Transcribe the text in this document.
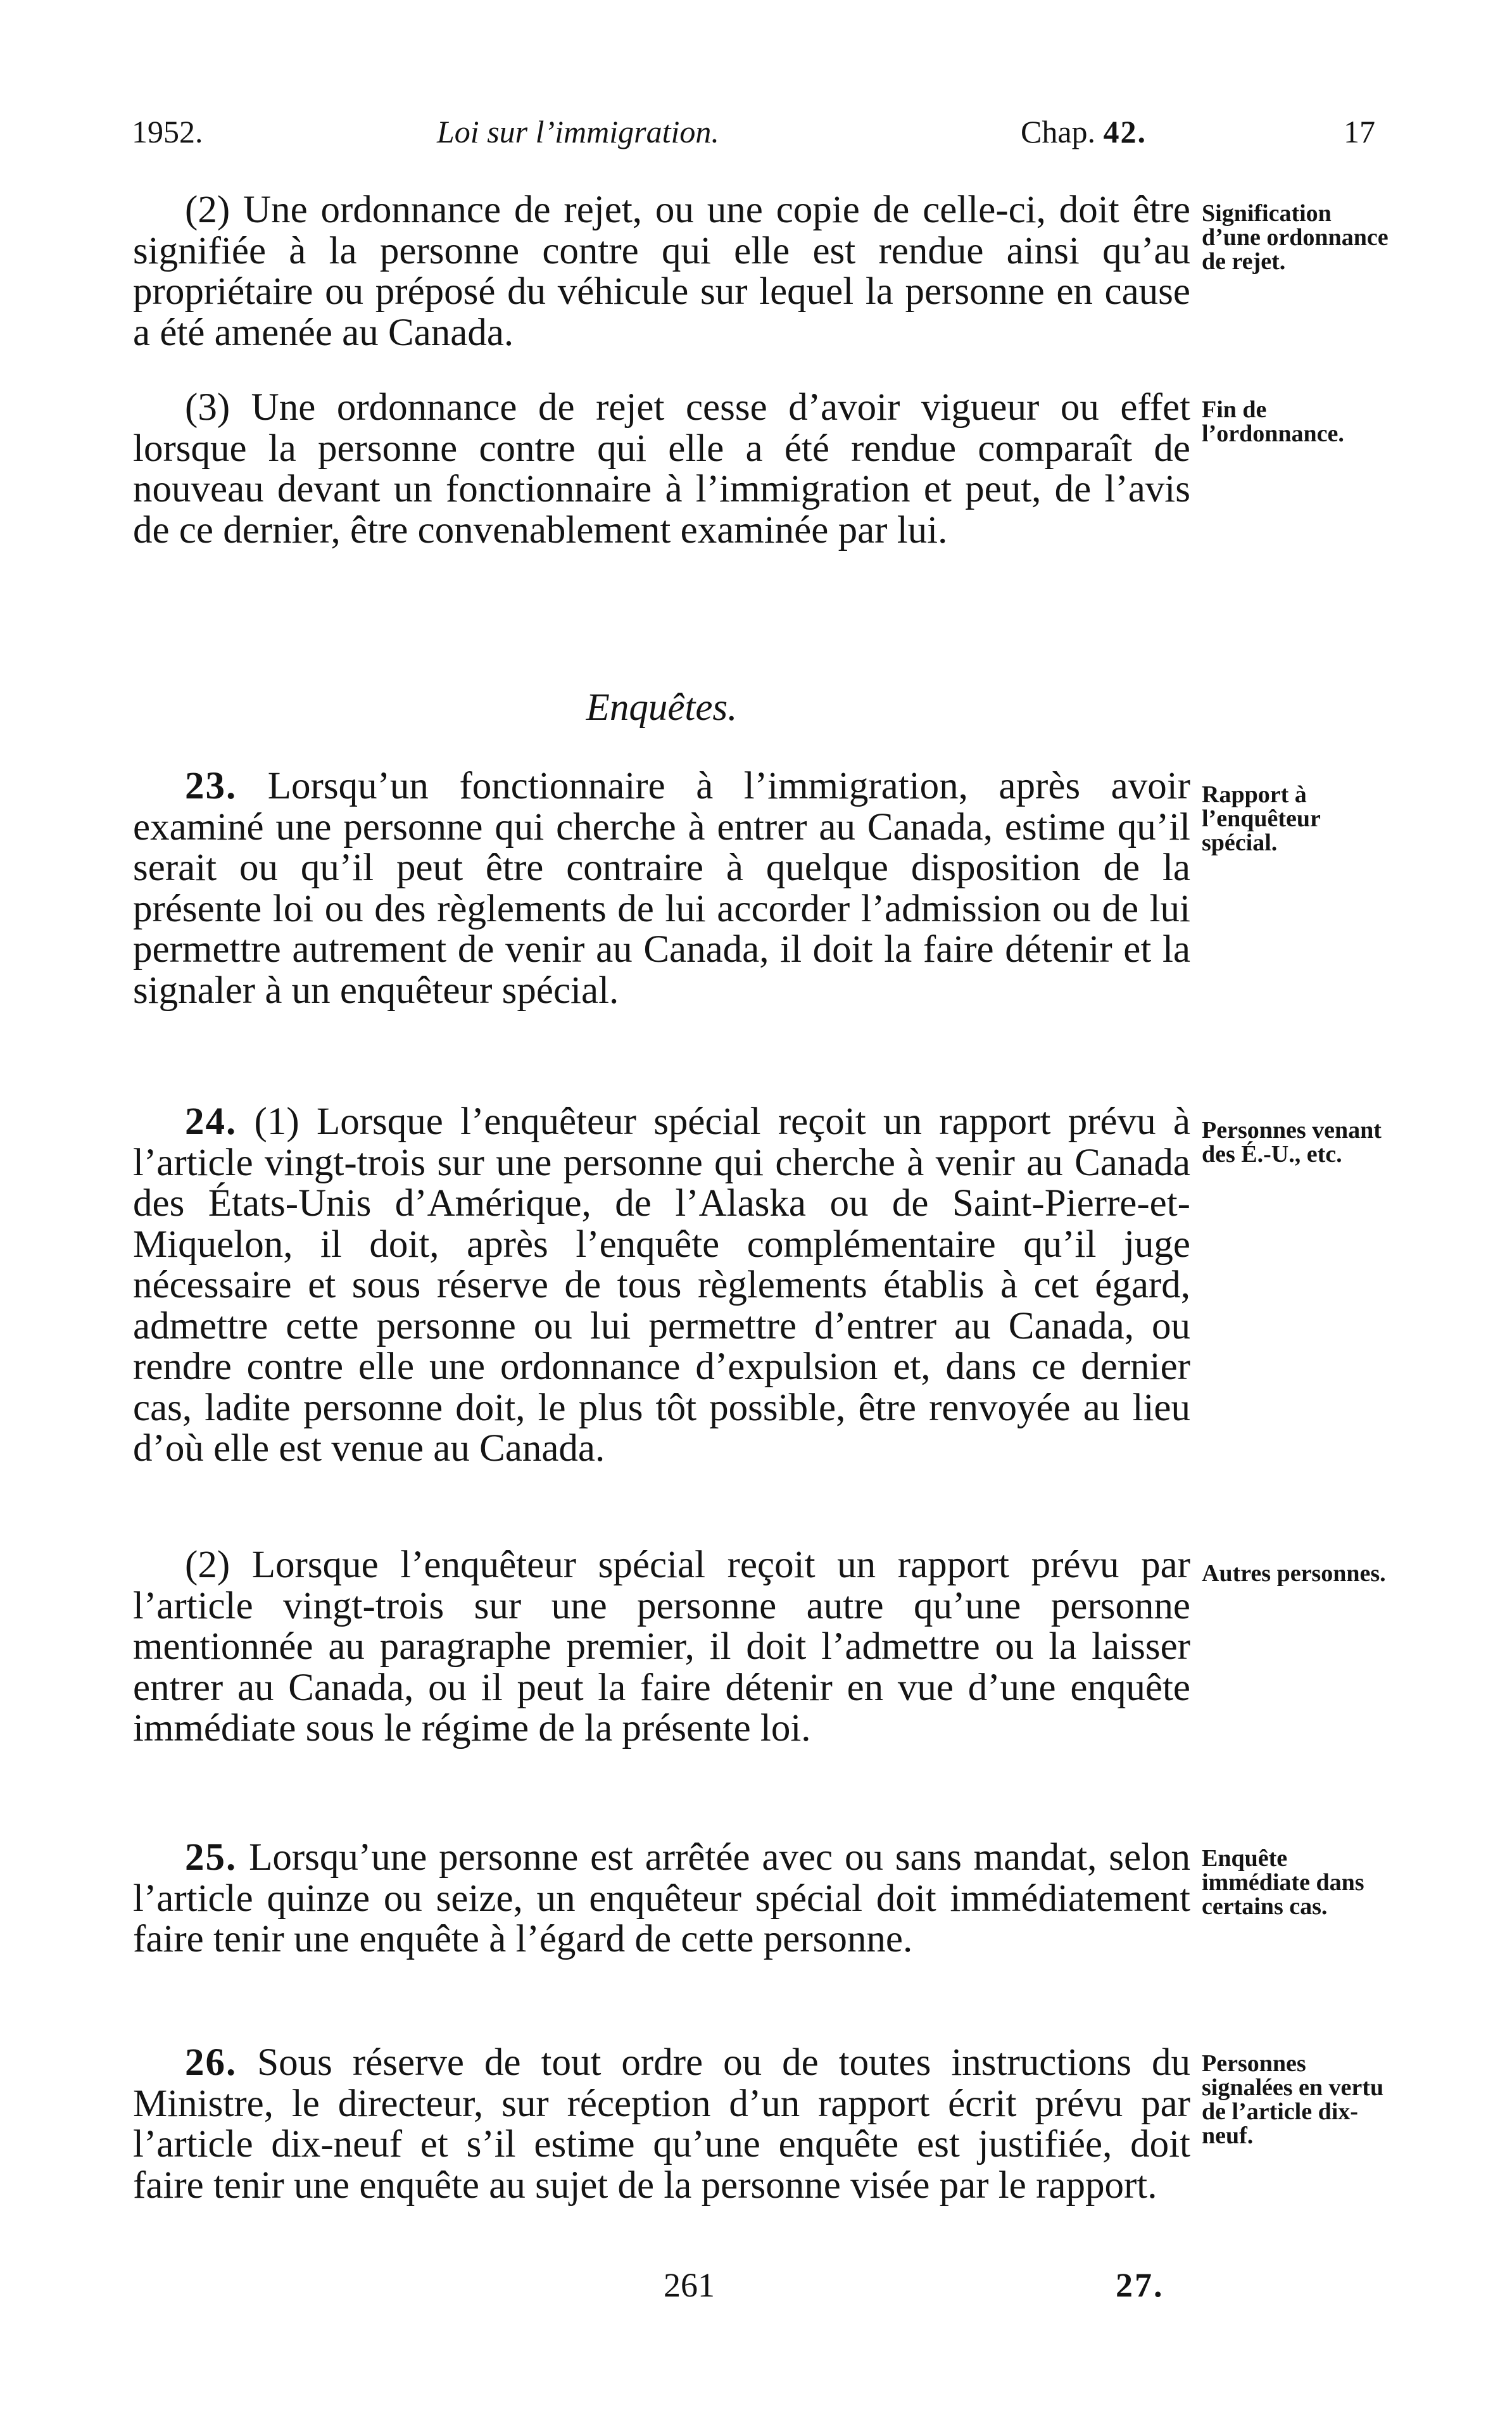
1952.	Loi sur l’immigration.	Chap. 42.	17

(2) Une ordonnance de rejet, ou une copie de celle-ci, doit être signifiée à la personne contre qui elle est rendue ainsi qu’au propriétaire ou préposé du véhicule sur lequel la personne en cause a été amenée au Canada.

Signification d’une ordonnance de rejet.

(3) Une ordonnance de rejet cesse d’avoir vigueur ou effet lorsque la personne contre qui elle a été rendue comparaît de nouveau devant un fonctionnaire à l’immigration et peut, de l’avis de ce dernier, être convenablement examinée par lui.

Fin de l’ordonnance.
Enquêtes.

23. Lorsqu’un fonctionnaire à l’immigration, après avoir examiné une personne qui cherche à entrer au Canada, estime qu’il serait ou qu’il peut être contraire à quelque disposition de la présente loi ou des règlements de lui accorder l’admission ou de lui permettre autrement de venir au Canada, il doit la faire détenir et la signaler à un enquêteur spécial.

Rapport à l’enquêteur spécial.

24. (1) Lorsque l’enquêteur spécial reçoit un rapport prévu à l’article vingt-trois sur une personne qui cherche à venir au Canada des États-Unis d’Amérique, de l’Alaska ou de Saint-Pierre-et-Miquelon, il doit, après l’enquête complémentaire qu’il juge nécessaire et sous réserve de tous règlements établis à cet égard, admettre cette personne ou lui permettre d’entrer au Canada, ou rendre contre elle une ordonnance d’expulsion et, dans ce dernier cas, ladite personne doit, le plus tôt possible, être renvoyée au lieu d’où elle est venue au Canada.

Personnes venant des É.-U., etc.

(2) Lorsque l’enquêteur spécial reçoit un rapport prévu par l’article vingt-trois sur une personne autre qu’une personne mentionnée au paragraphe premier, il doit l’admettre ou la laisser entrer au Canada, ou il peut la faire détenir en vue d’une enquête immédiate sous le régime de la présente loi.

Autres personnes.

25. Lorsqu’une personne est arrêtée avec ou sans mandat, selon l’article quinze ou seize, un enquêteur spécial doit immédiatement faire tenir une enquête à l’égard de cette personne.

Enquête immédiate dans certains cas.

26. Sous réserve de tout ordre ou de toutes instructions du Ministre, le directeur, sur réception d’un rapport écrit prévu par l’article dix-neuf et s’il estime qu’une enquête est justifiée, doit faire tenir une enquête au sujet de la personne visée par le rapport.

Personnes signalées en vertu de l’article dix-neuf.
261	27.
